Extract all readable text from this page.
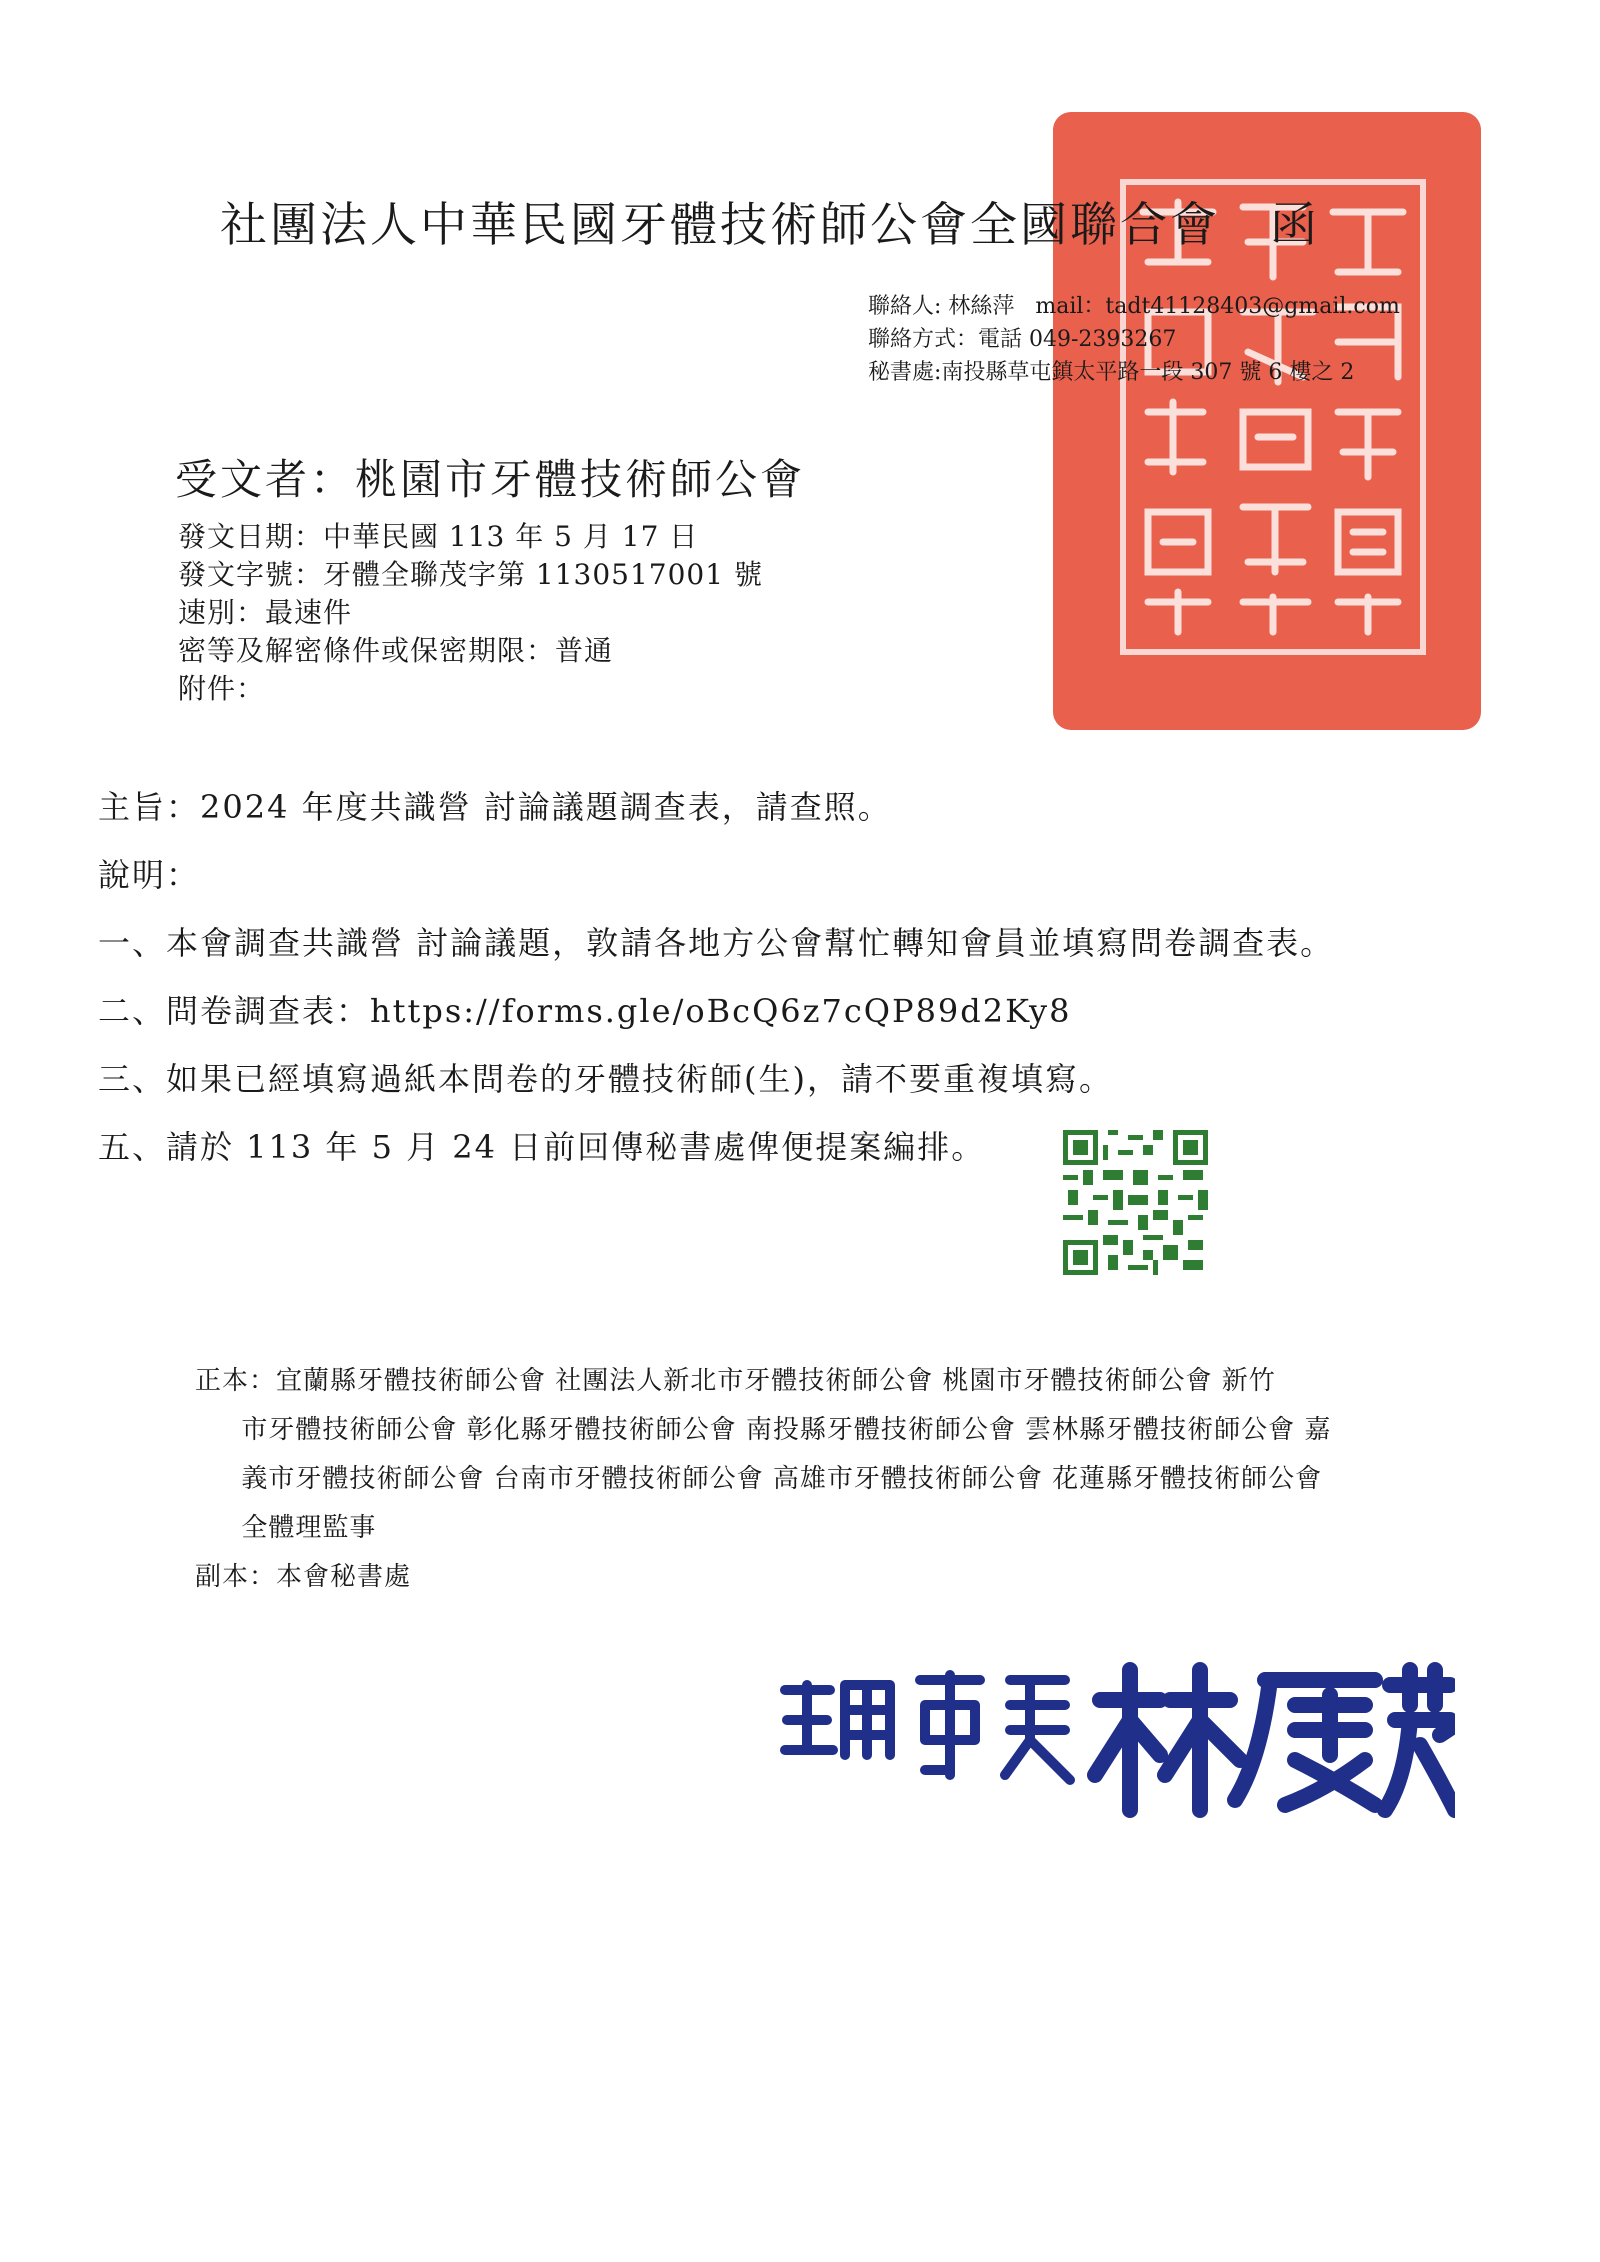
社團法人中華民國牙體技術師公會全國聯合會　函
聯絡人: 林絲萍   mail：tadt41128403@gmail.com
聯絡方式：電話 049-2393267
秘書處:南投縣草屯鎮太平路一段 307 號 6 樓之 2
受文者：桃園市牙體技術師公會
發文日期：中華民國 113 年 5 月 17 日
發文字號：牙體全聯茂字第 1130517001 號
速別：最速件
密等及解密條件或保密期限：普通
附件：
主旨：2024 年度共識營 討論議題調查表，請查照。
說明：
一、本會調查共識營 討論議題，敦請各地方公會幫忙轉知會員並填寫問卷調查表。
二、問卷調查表：https://forms.gle/oBcQ6z7cQP89d2Ky8
三、如果已經填寫過紙本問卷的牙體技術師(生)，請不要重複填寫。
五、請於 113 年 5 月 24 日前回傳秘書處俾便提案編排。
正本：宜蘭縣牙體技術師公會 社團法人新北市牙體技術師公會 桃園市牙體技術師公會 新竹
市牙體技術師公會 彰化縣牙體技術師公會 南投縣牙體技術師公會 雲林縣牙體技術師公會 嘉
義市牙體技術師公會 台南市牙體技術師公會 高雄市牙體技術師公會 花蓮縣牙體技術師公會
全體理監事
副本：本會秘書處
